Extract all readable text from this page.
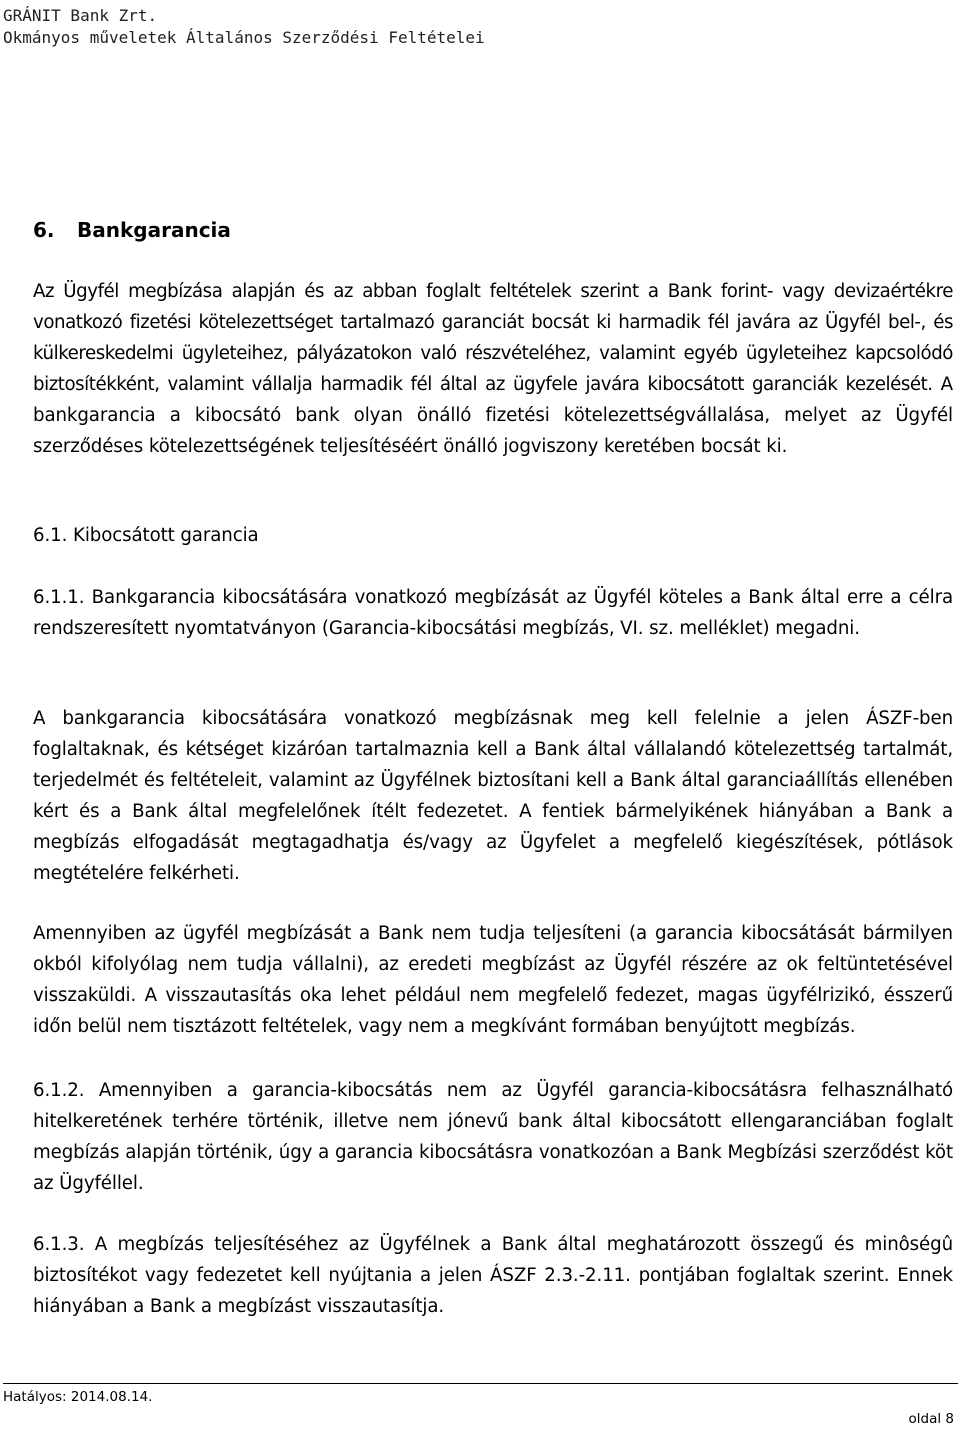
GRÁNIT Bank Zrt.
Okmányos műveletek Általános Szerződési Feltételei
6. Bankgarancia

Az Ügyfél megbízása alapján és az abban foglalt feltételek szerint a Bank forint- vagy devizaértékre vonatkozó fizetési kötelezettséget tartalmazó garanciát bocsát ki harmadik fél javára az Ügyfél bel-, és külkereskedelmi ügyleteihez, pályázatokon való részvételéhez, valamint egyéb ügyleteihez kapcsolódó biztosítékként, valamint vállalja harmadik fél által az ügyfele javára kibocsátott garanciák kezelését. A bankgarancia a kibocsátó bank olyan önálló fizetési kötelezettségvállalása, melyet az Ügyfél szerződéses kötelezettségének teljesítéséért önálló jogviszony keretében bocsát ki.

6.1. Kibocsátott garancia

6.1.1. Bankgarancia kibocsátására vonatkozó megbízását az Ügyfél köteles a Bank által erre a célra rendszeresített nyomtatványon (Garancia-kibocsátási megbízás, VI. sz. melléklet) megadni.

A bankgarancia kibocsátására vonatkozó megbízásnak meg kell felelnie a jelen ÁSZF-ben foglaltaknak, és kétséget kizáróan tartalmaznia kell a Bank által vállalandó kötelezettség tartalmát, terjedelmét és feltételeit, valamint az Ügyfélnek biztosítani kell a Bank által garanciaállítás ellenében kért és a Bank által megfelelőnek ítélt fedezetet. A fentiek bármelyikének hiányában a Bank a megbízás elfogadását megtagadhatja és/vagy az Ügyfelet a megfelelő kiegészítések, pótlások megtételére felkérheti.

Amennyiben az ügyfél megbízását a Bank nem tudja teljesíteni (a garancia kibocsátását bármilyen okból kifolyólag nem tudja vállalni), az eredeti megbízást az Ügyfél részére az ok feltüntetésével visszaküldi. A visszautasítás oka lehet például nem megfelelő fedezet, magas ügyfélrizikó, ésszerű időn belül nem tisztázott feltételek, vagy nem a megkívánt formában benyújtott megbízás.

6.1.2. Amennyiben a garancia-kibocsátás nem az Ügyfél garancia-kibocsátásra felhasználható hitelkeretének terhére történik, illetve nem jónevű bank által kibocsátott ellengaranciában foglalt megbízás alapján történik, úgy a garancia kibocsátásra vonatkozóan a Bank Megbízási szerződést köt az Ügyféllel.

6.1.3. A megbízás teljesítéséhez az Ügyfélnek a Bank által meghatározott összegű és minôségû biztosítékot vagy fedezetet kell nyújtania a jelen ÁSZF 2.3.-2.11. pontjában foglaltak szerint. Ennek hiányában a Bank a megbízást visszautasítja.

Hatályos: 2014.08.14.
oldal 8
